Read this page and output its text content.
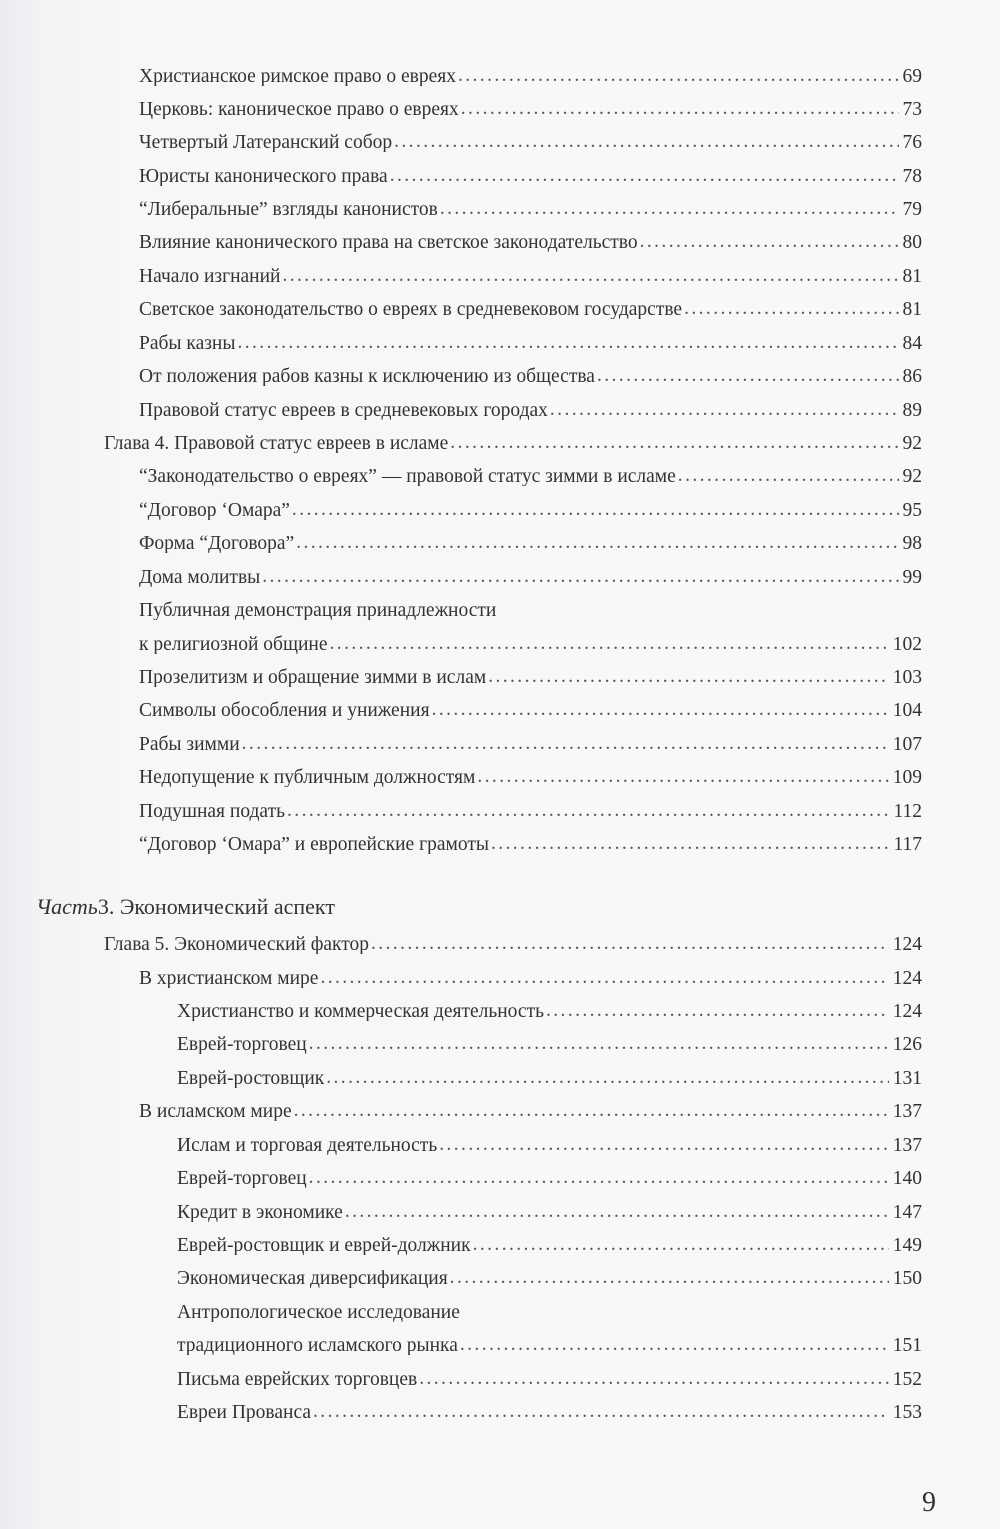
Христианское римское право о евреях .....	69
Церковь: каноническое право о евреях .....	73
Четвертый Латеранский собор .....	76
Юристы канонического права .....	78
“Либеральные” взгляды канонистов .....	79
Влияние канонического права на светское законодательство .....	80
Начало изгнаний .....	81
Светское законодательство о евреях в средневековом государстве .....	81
Рабы казны .....	84
От положения рабов казны к исключению из общества .....	86
Правовой статус евреев в средневековых городах .....	89
Глава 4. Правовой статус евреев в исламе .....	92
“Законодательство о евреях” — правовой статус зимми в исламе .....	92
“Договор ‘Омара” .....	95
Форма “Договора” .....	98
Дома молитвы .....	99
Публичная демонстрация принадлежности
к религиозной общине .....	102
Прозелитизм и обращение зимми в ислам .....	103
Символы обособления и унижения .....	104
Рабы зимми .....	107
Недопущение к публичным должностям .....	109
Подушная подать .....	112
“Договор ‘Омара” и европейские грамоты .....	117
Часть 3. Экономический аспект
Глава 5. Экономический фактор .....	124
В христианском мире .....	124
Христианство и коммерческая деятельность .....	124
Еврей-торговец .....	126
Еврей-ростовщик .....	131
В исламском мире .....	137
Ислам и торговая деятельность .....	137
Еврей-торговец .....	140
Кредит в экономике .....	147
Еврей-ростовщик и еврей-должник .....	149
Экономическая диверсификация .....	150
Антропологическое исследование
традиционного исламского рынка .....	151
Письма еврейских торговцев .....	152
Евреи Прованса .....	153
9
